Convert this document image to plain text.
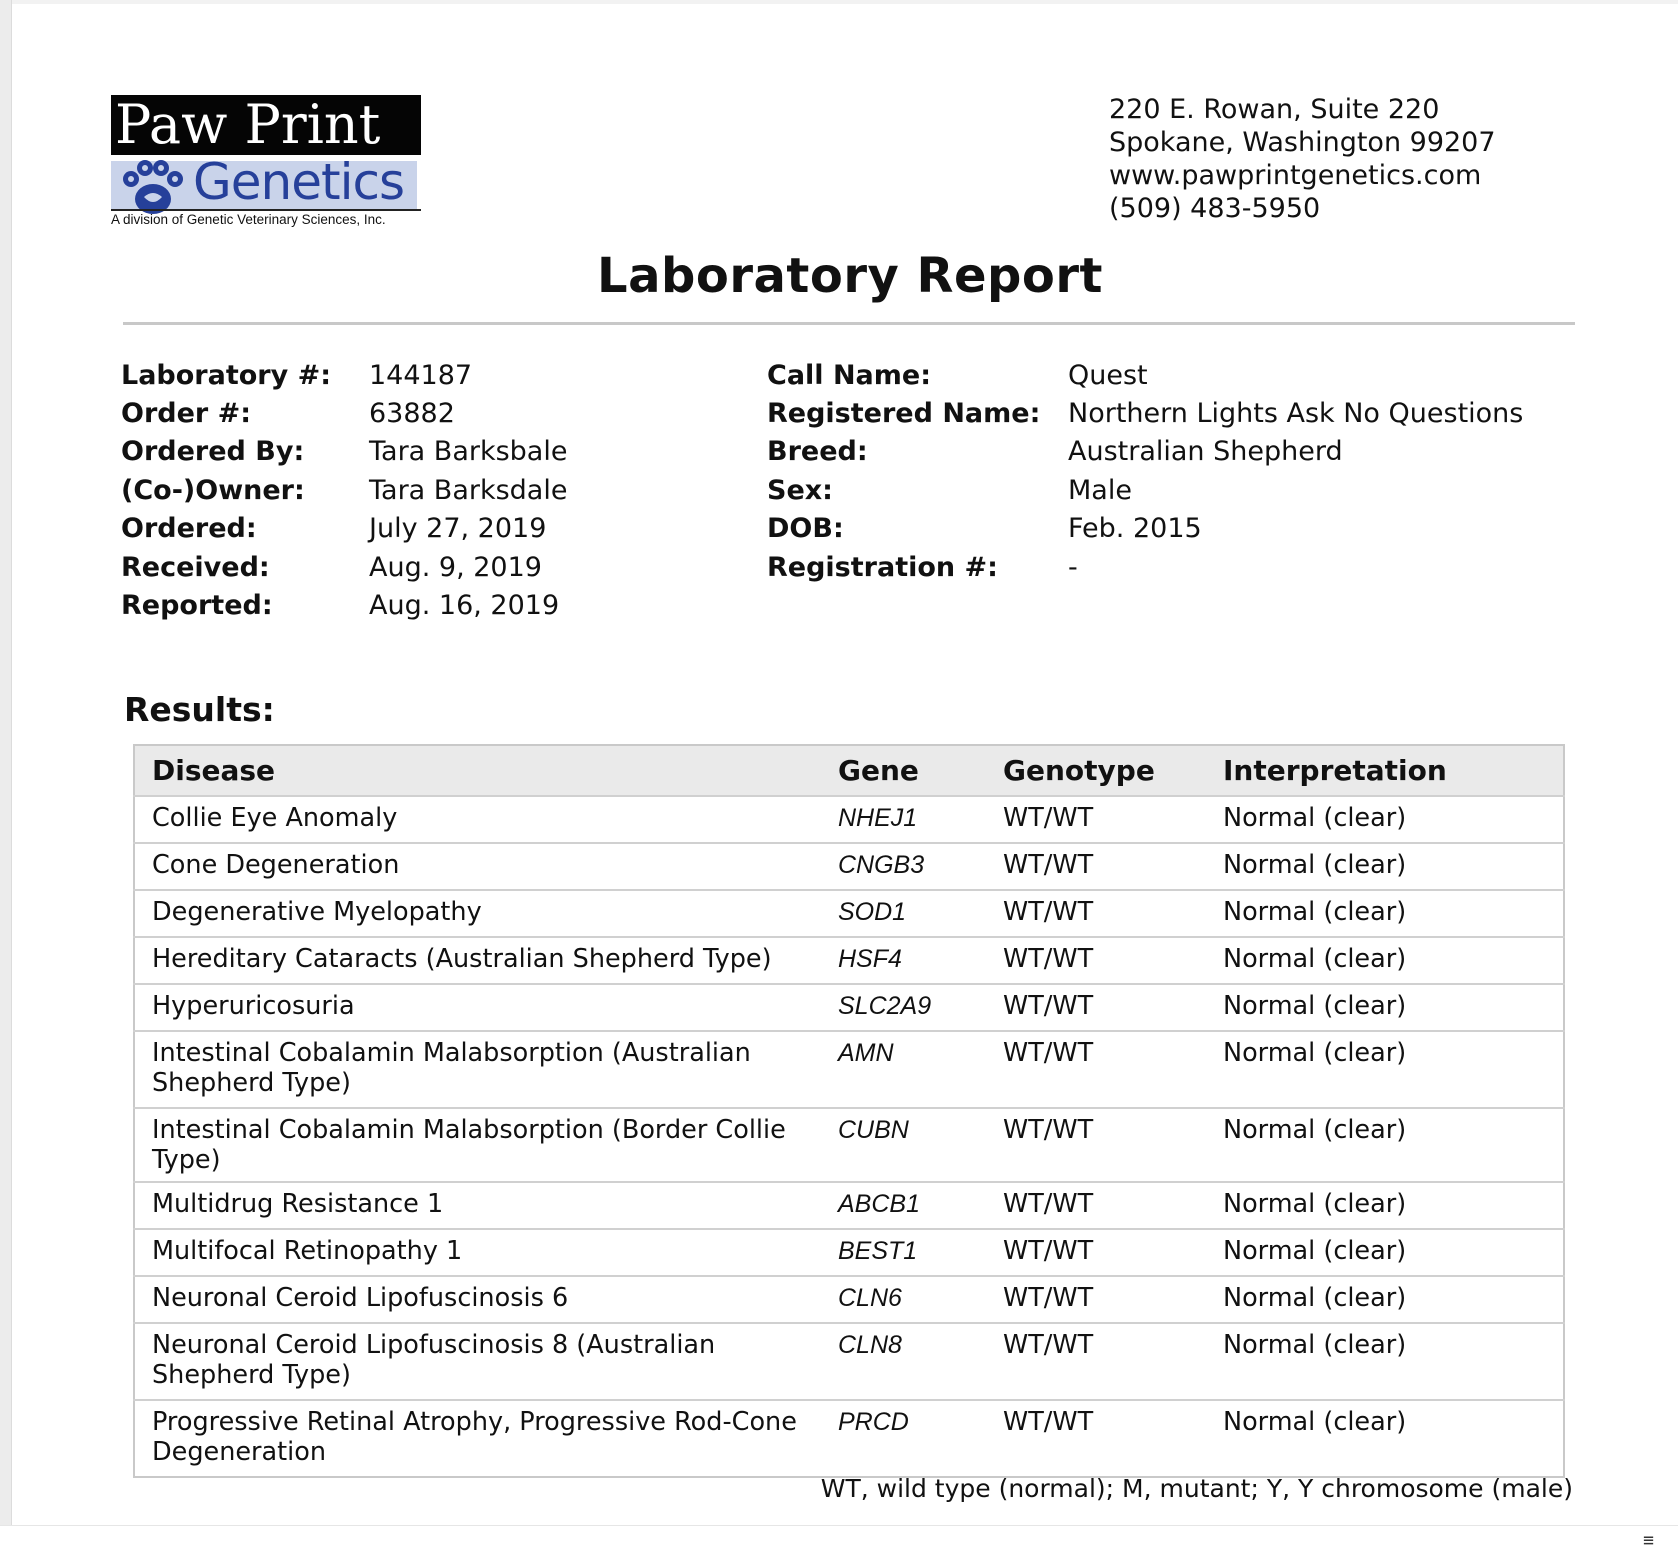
Paw Print
Genetics
A division of Genetic Veterinary Sciences, Inc.
220 E. Rowan, Suite 220
Spokane, Washington 99207
www.pawprintgenetics.com
(509) 483-5950
Laboratory Report
Laboratory #:	144187
Order #:	63882
Ordered By:	Tara Barksbale
(Co-)Owner:	Tara Barksdale
Ordered:	July 27, 2019
Received:	Aug. 9, 2019
Reported:	Aug. 16, 2019
Call Name:	Quest
Registered Name:	Northern Lights Ask No Questions
Breed:	Australian Shepherd
Sex:	Male
DOB:	Feb. 2015
Registration #:	-
Results:
Disease	Gene	Genotype	Interpretation
Collie Eye Anomaly	NHEJ1	WT/WT	Normal (clear)
Cone Degeneration	CNGB3	WT/WT	Normal (clear)
Degenerative Myelopathy	SOD1	WT/WT	Normal (clear)
Hereditary Cataracts (Australian Shepherd Type)	HSF4	WT/WT	Normal (clear)
Hyperuricosuria	SLC2A9	WT/WT	Normal (clear)
Intestinal Cobalamin Malabsorption (Australian Shepherd Type)	AMN	WT/WT	Normal (clear)
Intestinal Cobalamin Malabsorption (Border Collie Type)	CUBN	WT/WT	Normal (clear)
Multidrug Resistance 1	ABCB1	WT/WT	Normal (clear)
Multifocal Retinopathy 1	BEST1	WT/WT	Normal (clear)
Neuronal Ceroid Lipofuscinosis 6	CLN6	WT/WT	Normal (clear)
Neuronal Ceroid Lipofuscinosis 8 (Australian Shepherd Type)	CLN8	WT/WT	Normal (clear)
Progressive Retinal Atrophy, Progressive Rod-Cone Degeneration	PRCD	WT/WT	Normal (clear)
WT, wild type (normal); M, mutant; Y, Y chromosome (male)
≡
